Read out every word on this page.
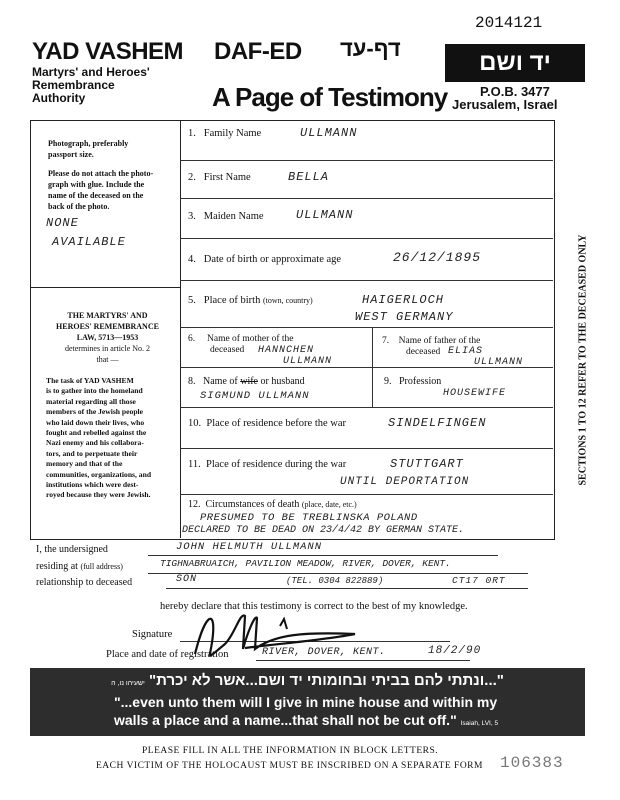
2014121
YAD VASHEM
Martyrs' and Heroes'
Remembrance
Authority
DAF-ED דף-עד
יד ושם
A Page of Testimony	P.O.B. 3477
Jerusalem, Israel
Photograph, preferably
passport size.
Please do not attach the photo-
graph with glue. Include the
name of the deceased on the
back of the photo.
NONE
AVAILABLE
THE MARTYRS' AND
HEROES' REMEMBRANCE
LAW, 5713—1953
determines in article No. 2
that —
The task of YAD VASHEM
is to gather into the homeland
material regarding all those
members of the Jewish people
who laid down their lives, who
fought and rebelled against the
Nazi enemy and his collabora-
tors, and to perpetuate their
memory and that of the
communities, organizations, and
institutions which were dest-
royed because they were Jewish.
1. Family Name	ULLMANN
2. First Name	BELLA
3. Maiden Name	ULLMANN
4. Date of birth or approximate age	26/12/1895
5.   Place of birth (town, country)	HAIGERLOCH
WEST GERMANY
6. Name of mother of the
deceased	HANNCHEN
ULLMANN
7. Name of father of the
deceased ELIAS
ULLMANN
8. Name of wife or husband
SIGMUND ULLMANN
9. Profession
HOUSEWIFE
10. Place of residence before the war	SINDELFINGEN
11. Place of residence during the war	STUTTGART
UNTIL DEPORTATION
12. Circumstances of death (place, date, etc.)
PRESUMED TO BE TREBLINSKA POLAND
DECLARED TO BE DEAD ON 23/4/42 BY GERMAN STATE.
I, the undersigned	JOHN HELMUTH ULLMANN
residing at (full address)	TIGHNABRUAICH, PAVILION MEADOW, RIVER, DOVER, KENT.
relationship to deceased	SON	(TEL. 0304 822889)	CT17 0RT
hereby declare that this testimony is correct to the best of my knowledge.
Signature
Place and date of registration	RIVER, DOVER, KENT.	18/2/90
"...ונתתי להם בביתי ובחומותי יד ושם...אשר לא יכרת" ישעיהו נו, ה
"...even unto them will I give in mine house and within my
walls a place and a name...that shall not be cut off." Isaiah, LVI, 5
PLEASE FILL IN ALL THE INFORMATION IN BLOCK LETTERS.
EACH VICTIM OF THE HOLOCAUST MUST BE INSCRIBED ON A SEPARATE FORM 106383
SECTIONS 1 TO 12 REFER TO THE DECEASED ONLY
